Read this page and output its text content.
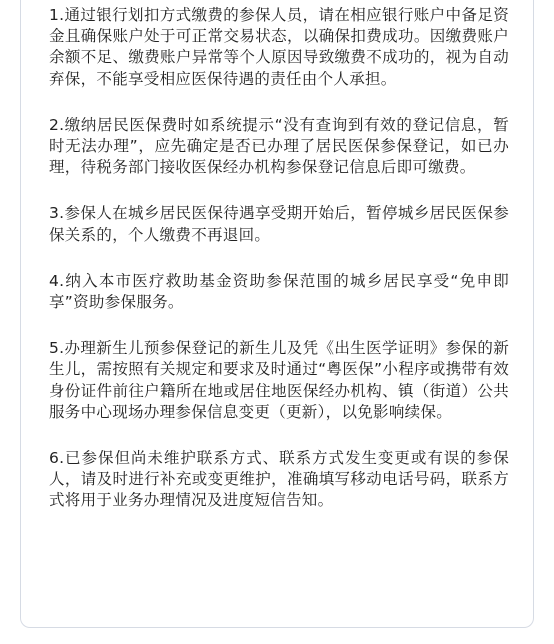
1.通过银行划扣方式缴费的参保人员，请在相应银行账户中备足资金且确保账户处于可正常交易状态，以确保扣费成功。因缴费账户余额不足、缴费账户异常等个人原因导致缴费不成功的，视为自动弃保，不能享受相应医保待遇的责任由个人承担。

2.缴纳居民医保费时如系统提示“没有查询到有效的登记信息，暂时无法办理”，应先确定是否已办理了居民医保参保登记，如已办理，待税务部门接收医保经办机构参保登记信息后即可缴费。

3.参保人在城乡居民医保待遇享受期开始后，暂停城乡居民医保参保关系的，个人缴费不再退回。

4.纳入本市医疗救助基金资助参保范围的城乡居民享受“免申即享”资助参保服务。

5.办理新生儿预参保登记的新生儿及凭《出生医学证明》参保的新生儿，需按照有关规定和要求及时通过“粤医保”小程序或携带有效身份证件前往户籍所在地或居住地医保经办机构、镇（街道）公共服务中心现场办理参保信息变更（更新），以免影响续保。

6.已参保但尚未维护联系方式、联系方式发生变更或有误的参保人，请及时进行补充或变更维护，准确填写移动电话号码，联系方式将用于业务办理情况及进度短信告知。
